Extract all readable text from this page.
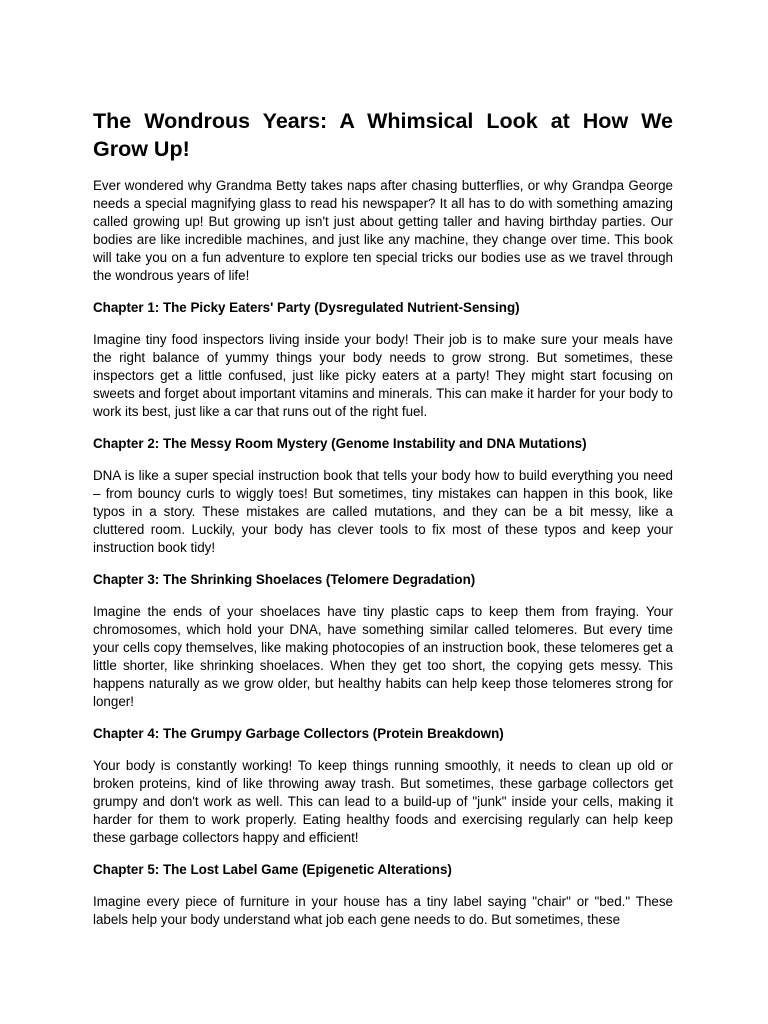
The Wondrous Years: A Whimsical Look at How We Grow Up!

Ever wondered why Grandma Betty takes naps after chasing butterflies, or why Grandpa George needs a special magnifying glass to read his newspaper? It all has to do with something amazing called growing up! But growing up isn't just about getting taller and having birthday parties. Our bodies are like incredible machines, and just like any machine, they change over time. This book will take you on a fun adventure to explore ten special tricks our bodies use as we travel through the wondrous years of life!

Chapter 1: The Picky Eaters' Party (Dysregulated Nutrient-Sensing)

Imagine tiny food inspectors living inside your body! Their job is to make sure your meals have the right balance of yummy things your body needs to grow strong. But sometimes, these inspectors get a little confused, just like picky eaters at a party! They might start focusing on sweets and forget about important vitamins and minerals. This can make it harder for your body to work its best, just like a car that runs out of the right fuel.

Chapter 2: The Messy Room Mystery (Genome Instability and DNA Mutations)

DNA is like a super special instruction book that tells your body how to build everything you need – from bouncy curls to wiggly toes! But sometimes, tiny mistakes can happen in this book, like typos in a story. These mistakes are called mutations, and they can be a bit messy, like a cluttered room. Luckily, your body has clever tools to fix most of these typos and keep your instruction book tidy!

Chapter 3: The Shrinking Shoelaces (Telomere Degradation)

Imagine the ends of your shoelaces have tiny plastic caps to keep them from fraying. Your chromosomes, which hold your DNA, have something similar called telomeres. But every time your cells copy themselves, like making photocopies of an instruction book, these telomeres get a little shorter, like shrinking shoelaces. When they get too short, the copying gets messy. This happens naturally as we grow older, but healthy habits can help keep those telomeres strong for longer!

Chapter 4: The Grumpy Garbage Collectors (Protein Breakdown)

Your body is constantly working! To keep things running smoothly, it needs to clean up old or broken proteins, kind of like throwing away trash. But sometimes, these garbage collectors get grumpy and don't work as well. This can lead to a build-up of "junk" inside your cells, making it harder for them to work properly. Eating healthy foods and exercising regularly can help keep these garbage collectors happy and efficient!

Chapter 5: The Lost Label Game (Epigenetic Alterations)

Imagine every piece of furniture in your house has a tiny label saying "chair" or "bed." These labels help your body understand what job each gene needs to do. But sometimes, these
